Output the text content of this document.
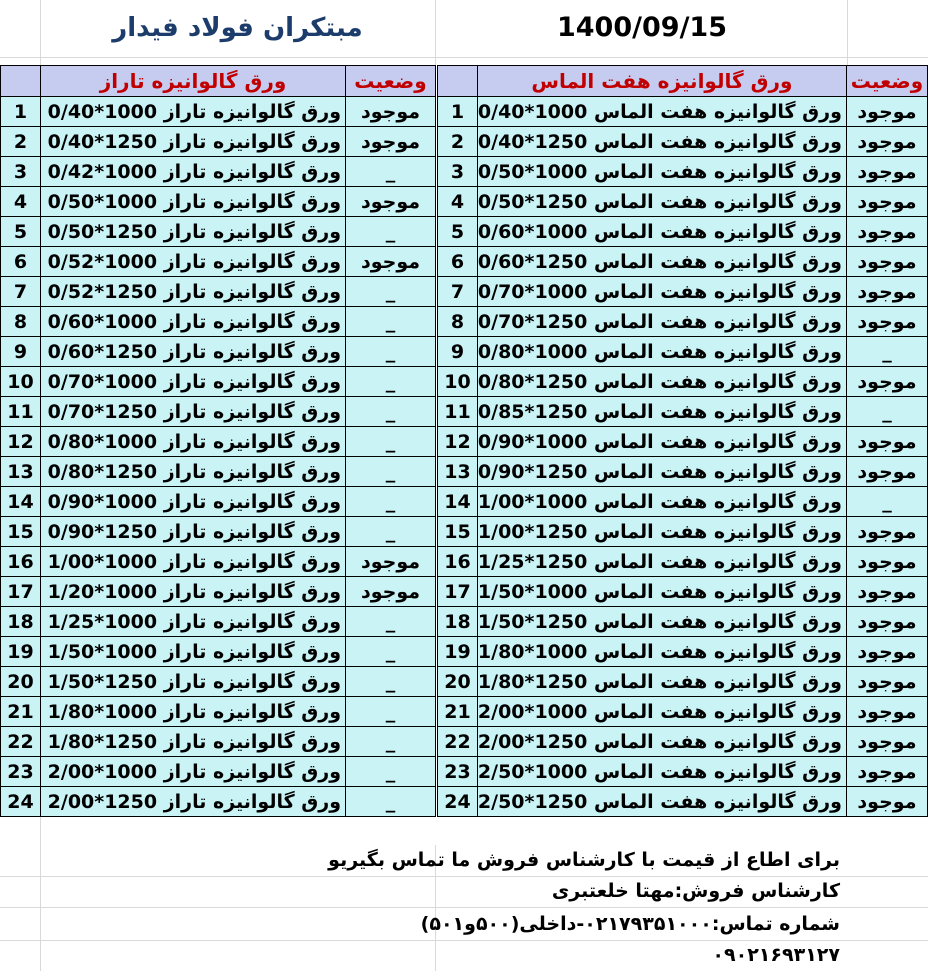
مبتکران فولاد فیدار	1400/09/15
	ورق گالوانیزه تاراز	وضعیت
1	ورق گالوانیزه تاراز 1000*0/40	موجود
2	ورق گالوانیزه تاراز 1250*0/40	موجود
3	ورق گالوانیزه تاراز 1000*0/42	_
4	ورق گالوانیزه تاراز 1000*0/50	موجود
5	ورق گالوانیزه تاراز 1250*0/50	_
6	ورق گالوانیزه تاراز 1000*0/52	موجود
7	ورق گالوانیزه تاراز 1250*0/52	_
8	ورق گالوانیزه تاراز 1000*0/60	_
9	ورق گالوانیزه تاراز 1250*0/60	_
10	ورق گالوانیزه تاراز 1000*0/70	_
11	ورق گالوانیزه تاراز 1250*0/70	_
12	ورق گالوانیزه تاراز 1000*0/80	_
13	ورق گالوانیزه تاراز 1250*0/80	_
14	ورق گالوانیزه تاراز 1000*0/90	_
15	ورق گالوانیزه تاراز 1250*0/90	_
16	ورق گالوانیزه تاراز 1000*1/00	موجود
17	ورق گالوانیزه تاراز 1000*1/20	موجود
18	ورق گالوانیزه تاراز 1000*1/25	_
19	ورق گالوانیزه تاراز 1000*1/50	_
20	ورق گالوانیزه تاراز 1250*1/50	_
21	ورق گالوانیزه تاراز 1000*1/80	_
22	ورق گالوانیزه تاراز 1250*1/80	_
23	ورق گالوانیزه تاراز 1000*2/00	_
24	ورق گالوانیزه تاراز 1250*2/00	_
	ورق گالوانیزه هفت الماس	وضعیت
1	ورق گالوانیزه هفت الماس 1000*0/40	موجود
2	ورق گالوانیزه هفت الماس 1250*0/40	موجود
3	ورق گالوانیزه هفت الماس 1000*0/50	موجود
4	ورق گالوانیزه هفت الماس 1250*0/50	موجود
5	ورق گالوانیزه هفت الماس 1000*0/60	موجود
6	ورق گالوانیزه هفت الماس 1250*0/60	موجود
7	ورق گالوانیزه هفت الماس 1000*0/70	موجود
8	ورق گالوانیزه هفت الماس 1250*0/70	موجود
9	ورق گالوانیزه هفت الماس 1000*0/80	_
10	ورق گالوانیزه هفت الماس 1250*0/80	موجود
11	ورق گالوانیزه هفت الماس 1250*0/85	_
12	ورق گالوانیزه هفت الماس 1000*0/90	موجود
13	ورق گالوانیزه هفت الماس 1250*0/90	موجود
14	ورق گالوانیزه هفت الماس 1000*1/00	_
15	ورق گالوانیزه هفت الماس 1250*1/00	موجود
16	ورق گالوانیزه هفت الماس 1250*1/25	موجود
17	ورق گالوانیزه هفت الماس 1000*1/50	موجود
18	ورق گالوانیزه هفت الماس 1250*1/50	موجود
19	ورق گالوانیزه هفت الماس 1000*1/80	موجود
20	ورق گالوانیزه هفت الماس 1250*1/80	موجود
21	ورق گالوانیزه هفت الماس 1000*2/00	موجود
22	ورق گالوانیزه هفت الماس 1250*2/00	موجود
23	ورق گالوانیزه هفت الماس 1000*2/50	موجود
24	ورق گالوانیزه هفت الماس 1250*2/50	موجود
برای اطاع از قیمت با کارشناس فروش ما تماس بگیریو
کارشناس فروش:مهتا خلعتبری
شماره تماس:۰۲۱۷۹۳۵۱۰۰۰-داخلی(۵۰۰و۵۰۱)
۰۹۰۲۱۶۹۳۱۲۷
